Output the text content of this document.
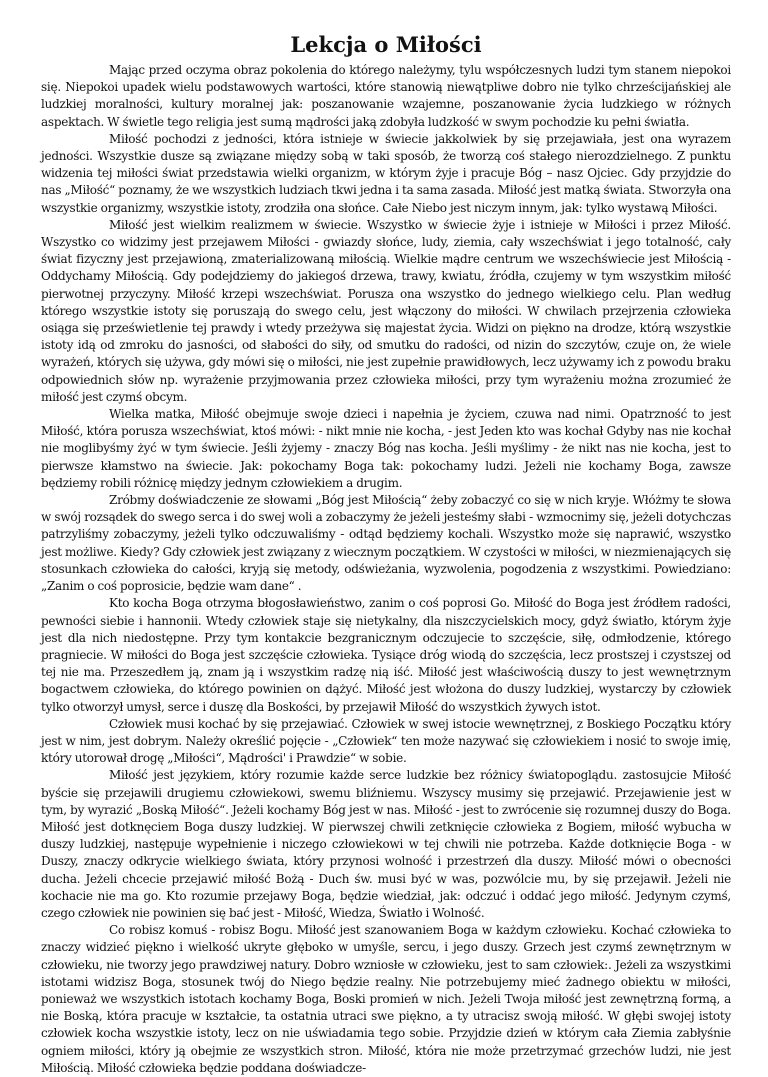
Lekcja o Miłości

Mając przed oczyma obraz pokolenia do którego należymy, tylu współczesnych ludzi tym stanem niepokoi się. Niepokoi upadek wielu podstawowych wartości, które stanowią niewątpliwe dobro nie tylko chrześcijańskiej ale ludzkiej moralności, kultury moralnej jak: poszanowanie wzajemne, poszanowanie życia ludzkiego w różnych aspektach. W świetle tego religia jest sumą mądrości jaką zdobyła ludzkość w swym pochodzie ku pełni światła.

Miłość pochodzi z jedności, która istnieje w świecie jakkolwiek by się przejawiała, jest ona wyrazem jedności. Wszystkie dusze są związane między sobą w taki sposób, że tworzą coś stałego nierozdzielnego. Z punktu widzenia tej miłości świat przedstawia wielki organizm, w którym żyje i pracuje Bóg – nasz Ojciec. Gdy przyjdzie do nas „Miłość“ poznamy, że we wszystkich ludziach tkwi jedna i ta sama zasada. Miłość jest matką świata. Stworzyła ona wszystkie organizmy, wszystkie istoty, zrodziła ona słońce. Całe Niebo jest niczym innym, jak: tylko wystawą Miłości.

Miłość jest wielkim realizmem w świecie. Wszystko w świecie żyje i istnieje w Miłości i przez Miłość. Wszystko co widzimy jest przejawem Miłości - gwiazdy słońce, ludy, ziemia, cały wszechświat i jego totalność, cały świat fizyczny jest przejawioną, zmaterializowaną miłością. Wielkie mądre centrum we wszechświecie jest Miłością - Oddychamy Miłością. Gdy podejdziemy do jakiegoś drzewa, trawy, kwiatu, źródła, czujemy w tym wszystkim miłość pierwotnej przyczyny. Miłość krzepi wszechświat. Porusza ona wszystko do jednego wielkiego celu. Plan według którego wszystkie istoty się poruszają do swego celu, jest włączony do miłości. W chwilach przejrzenia człowieka osiąga się prześwietlenie tej prawdy i wtedy przeżywa się majestat życia. Widzi on piękno na drodze, którą wszystkie istoty idą od zmroku do jasności, od słabości do siły, od smutku do radości, od nizin do szczytów, czuje on, że wiele wyrażeń, których się używa, gdy mówi się o miłości, nie jest zupełnie prawidłowych, lecz używamy ich z powodu braku odpowiednich słów np. wyrażenie przyjmowania przez człowieka miłości, przy tym wyrażeniu można zrozumieć że miłość jest czymś obcym.

Wielka matka, Miłość obejmuje swoje dzieci i napełnia je życiem, czuwa nad nimi. Opatrzność to jest Miłość, która porusza wszechświat, ktoś mówi: - nikt mnie nie kocha, - jest Jeden kto was kochał Gdyby nas nie kochał nie moglibyśmy żyć w tym świecie. Jeśli żyjemy - znaczy Bóg nas kocha. Jeśli myślimy - że nikt nas nie kocha, jest to pierwsze kłamstwo na świecie. Jak: pokochamy Boga tak: pokochamy ludzi. Jeżeli nie kochamy Boga, zawsze będziemy robili różnicę między jednym człowiekiem a drugim.

Zróbmy doświadczenie ze słowami „Bóg jest Miłością“ żeby zobaczyć co się w nich kryje. Włóżmy te słowa w swój rozsądek do swego serca i do swej woli a zobaczymy że jeżeli jesteśmy słabi - wzmocnimy się, jeżeli dotychczas patrzyliśmy zobaczymy, jeżeli tylko odczuwaliśmy - odtąd będziemy kochali. Wszystko może się naprawić, wszystko jest możliwe. Kiedy? Gdy człowiek jest związany z wiecznym początkiem. W czystości w miłości, w niezmienających się stosunkach człowieka do całości, kryją się metody, odświeżania, wyzwolenia, pogodzenia z wszystkimi. Powiedziano: „Zanim o coś poprosicie, będzie wam dane“ .

Kto kocha Boga otrzyma błogosławieństwo, zanim o coś poprosi Go. Miłość do Boga jest źródłem radości, pewności siebie i hannonii. Wtedy człowiek staje się nietykalny, dla niszczycielskich mocy, gdyż światło, którym żyje jest dla nich niedostępne. Przy tym kontakcie bezgranicznym odczujecie to szczęście, siłę, odmłodzenie, którego pragniecie. W miłości do Boga jest szczęście człowieka. Tysiące dróg wiodą do szczęścia, lecz prostszej i czystszej od tej nie ma. Przeszedłem ją, znam ją i wszystkim radzę nią iść. Miłość jest właściwością duszy to jest wewnętrznym bogactwem człowieka, do którego powinien on dążyć. Miłość jest włożona do duszy ludzkiej, wystarczy by człowiek tylko otworzył umysł, serce i duszę dla Boskości, by przejawił Miłość do wszystkich żywych istot.

Człowiek musi kochać by się przejawiać. Człowiek w swej istocie wewnętrznej, z Boskiego Początku który jest w nim, jest dobrym. Należy określić pojęcie - „Człowiek“ ten może nazywać się człowiekiem i nosić to swoje imię, który utorował drogę „Miłości“, Mądrości' i Prawdzie“ w sobie.

Miłość jest językiem, który rozumie każde serce ludzkie bez różnicy światopoglądu. zastosujcie Miłość byście się przejawili drugiemu człowiekowi, swemu bliźniemu. Wszyscy musimy się przejawić. Przejawienie jest w tym, by wyrazić „Boską Miłość“. Jeżeli kochamy Bóg jest w nas. Miłość - jest to zwrócenie się rozumnej duszy do Boga. Miłość jest dotknęciem Boga duszy ludzkiej. W pierwszej chwili zetknięcie człowieka z Bogiem, miłość wybucha w duszy ludzkiej, następuje wypełnienie i niczego człowiekowi w tej chwili nie potrzeba. Każde dotknięcie Boga - w Duszy, znaczy odkrycie wielkiego świata, który przynosi wolność i przestrzeń dla duszy. Miłość mówi o obecności ducha. Jeżeli chcecie przejawić miłość Bożą - Duch św. musi być w was, pozwólcie mu, by się przejawił. Jeżeli nie kochacie nie ma go. Kto rozumie przejawy Boga, będzie wiedział, jak: odczuć i oddać jego miłość. Jedynym czymś, czego człowiek nie powinien się bać jest - Miłość, Wiedza, Światło i Wolność.

Co robisz komuś - robisz Bogu. Miłość jest szanowaniem Boga w każdym człowieku. Kochać człowieka to znaczy widzieć piękno i wielkość ukryte głęboko w umyśle, sercu, i jego duszy. Grzech jest czymś zewnętrznym w człowieku, nie tworzy jego prawdziwej natury. Dobro wzniosłe w człowieku, jest to sam człowiek:. Jeżeli za wszystkimi istotami widzisz Boga, stosunek twój do Niego będzie realny. Nie potrzebujemy mieć żadnego obiektu w miłości, ponieważ we wszystkich istotach kochamy Boga, Boski promień w nich. Jeżeli Twoja miłość jest zewnętrzną formą, a nie Boską, która pracuje w kształcie, ta ostatnia utraci swe piękno, a ty utracisz swoją miłość. W głębi swojej istoty człowiek kocha wszystkie istoty, lecz on nie uświadamia tego sobie. Przyjdzie dzień w którym cała Ziemia zabłyśnie ogniem miłości, który ją obejmie ze wszystkich stron. Miłość, która nie może przetrzymać grzechów ludzi, nie jest Miłością. Miłość człowieka będzie poddana doświadcze-
